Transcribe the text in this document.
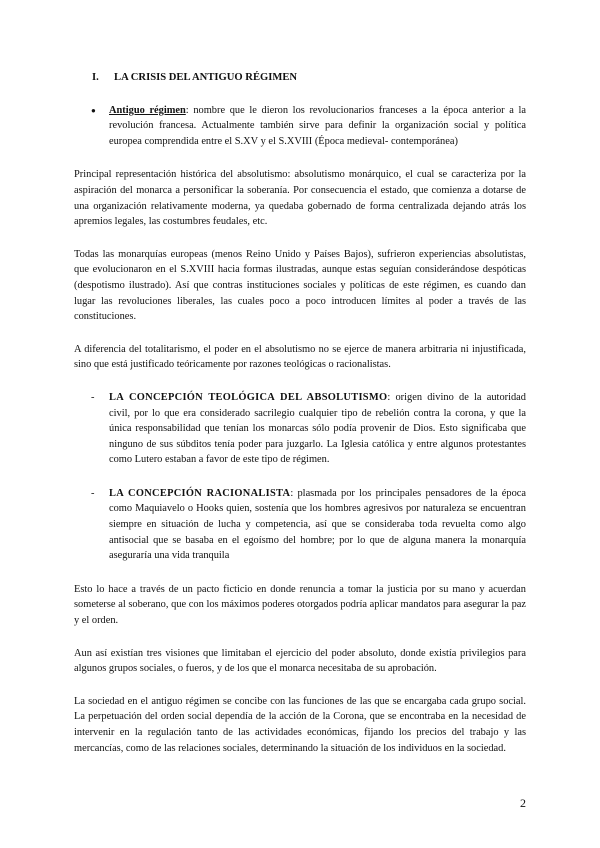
I. LA CRISIS DEL ANTIGUO RÉGIMEN
● Antiguo régimen: nombre que le dieron los revolucionarios franceses a la época anterior a la revolución francesa. Actualmente también sirve para definir la organización social y política europea comprendida entre el S.XV y el S.XVIII (Época medieval- contemporánea)

Principal representación histórica del absolutismo: absolutismo monárquico, el cual se caracteriza por la aspiración del monarca a personificar la soberanía. Por consecuencia el estado, que comienza a dotarse de una organización relativamente moderna, ya quedaba gobernado de forma centralizada dejando atrás los apremios legales, las costumbres feudales, etc.

Todas las monarquías europeas (menos Reino Unido y Países Bajos), sufrieron experiencias absolutistas, que evolucionaron en el S.XVIII hacia formas ilustradas, aunque estas seguían considerándose despóticas (despotismo ilustrado). Así que contras instituciones sociales y políticas de este régimen, es cuando dan lugar las revoluciones liberales, las cuales poco a poco introducen límites al poder a través de las constituciones.

A diferencia del totalitarismo, el poder en el absolutismo no se ejerce de manera arbitraria ni injustificada, sino que está justificado teóricamente por razones teológicas o racionalistas.

- LA CONCEPCIÓN TEOLÓGICA DEL ABSOLUTISMO: origen divino de la autoridad civil, por lo que era considerado sacrilegio cualquier tipo de rebelión contra la corona, y que la única responsabilidad que tenían los monarcas sólo podía provenir de Dios. Esto significaba que ninguno de sus súbditos tenía poder para juzgarlo. La Iglesia católica y entre algunos protestantes como Lutero estaban a favor de este tipo de régimen.
- LA CONCEPCIÓN RACIONALISTA: plasmada por los principales pensadores de la época como Maquiavelo o Hooks quien, sostenía que los hombres agresivos por naturaleza se encuentran siempre en situación de lucha y competencia, así que se consideraba toda revuelta como algo antisocial que se basaba en el egoísmo del hombre; por lo que de alguna manera la monarquía aseguraría una vida tranquila

Esto lo hace a través de un pacto ficticio en donde renuncia a tomar la justicia por su mano y acuerdan someterse al soberano, que con los máximos poderes otorgados podría aplicar mandatos para asegurar la paz y el orden.

Aun así existían tres visiones que limitaban el ejercicio del poder absoluto, donde existía privilegios para algunos grupos sociales, o fueros, y de los que el monarca necesitaba de su aprobación.

La sociedad en el antiguo régimen se concibe con las funciones de las que se encargaba cada grupo social. La perpetuación del orden social dependía de la acción de la Corona, que se encontraba en la necesidad de intervenir en la regulación tanto de las actividades económicas, fijando los precios del trabajo y las mercancías, como de las relaciones sociales, determinando la situación de los individuos en la sociedad.

2
